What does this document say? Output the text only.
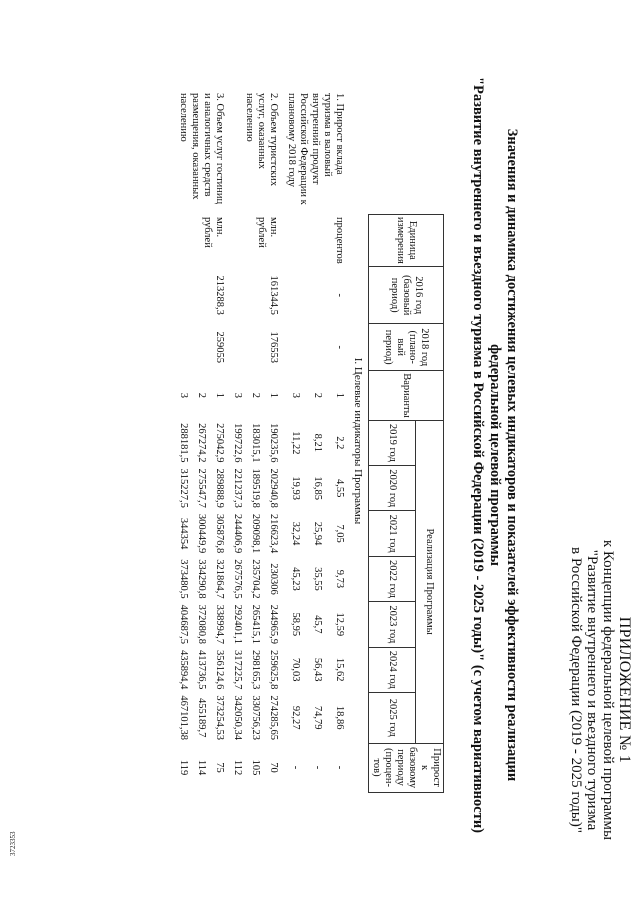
3723353
ПРИЛОЖЕНИЕ № 1
к Концепции федеральной целевой программы
"Развитие внутреннего и въездного туризма
в Российской Федерации (2019 - 2025 годы)"
Значения и динамика достижения целевых индикаторов и показателей эффективности реализации
федеральной целевой программы
"Развитие внутреннего и въездного туризма в Российской Федерации (2019 - 2025 годы)" (с учетом вариативности)
	Единица измерения	2016 год (базовый период)	2018 год (плано-вый период)	Варианты	Реализация Программы							Прирост к базовому периоду (процен-тов)
					2019 год	2020 год	2021 год	2022 год	2023 год	2024 год	2025 год	
I. Целевые индикаторы Программы												
1. Прирост вклада туризма в валовый внутренний продукт Российской Федерации к плановому 2018 году	процентов	-	-	1	2,2	4,55	7,05	9,73	12,59	15,62	18,86	-
				2	8,21	16,85	25,94	35,55	45,7	56,43	74,79	-
				3	11,22	19,93	32,24	45,23	58,95	70,03	92,27	-
2. Объем туристских услуг, оказанных населению	млн. рублей	161344,5	176553	1	190235,6	202940,8	216623,4	230306	244965,9	259625,8	274285,65	70
				2	183015,1	189519,8	209098,1	235704,2	265415,1	298165,3	330756,23	105
				3	199722,6	221237,3	244406,9	267576,5	292401,1	317225,7	342050,34	112
3. Объем услуг гостиниц и аналогичных средств размещения, оказанных населению	млн. рублей	213288,3	259055	1	275042,9	289888,9	305876,8	321864,7	338994,7	356124,6	373254,53	75
				2	267274,2	275547,7	300449,9	334290,8	372080,8	413736,5	455189,7	114
				3	288181,5	315227,5	344354	373480,5	404687,5	435894,4	467101,38	119
